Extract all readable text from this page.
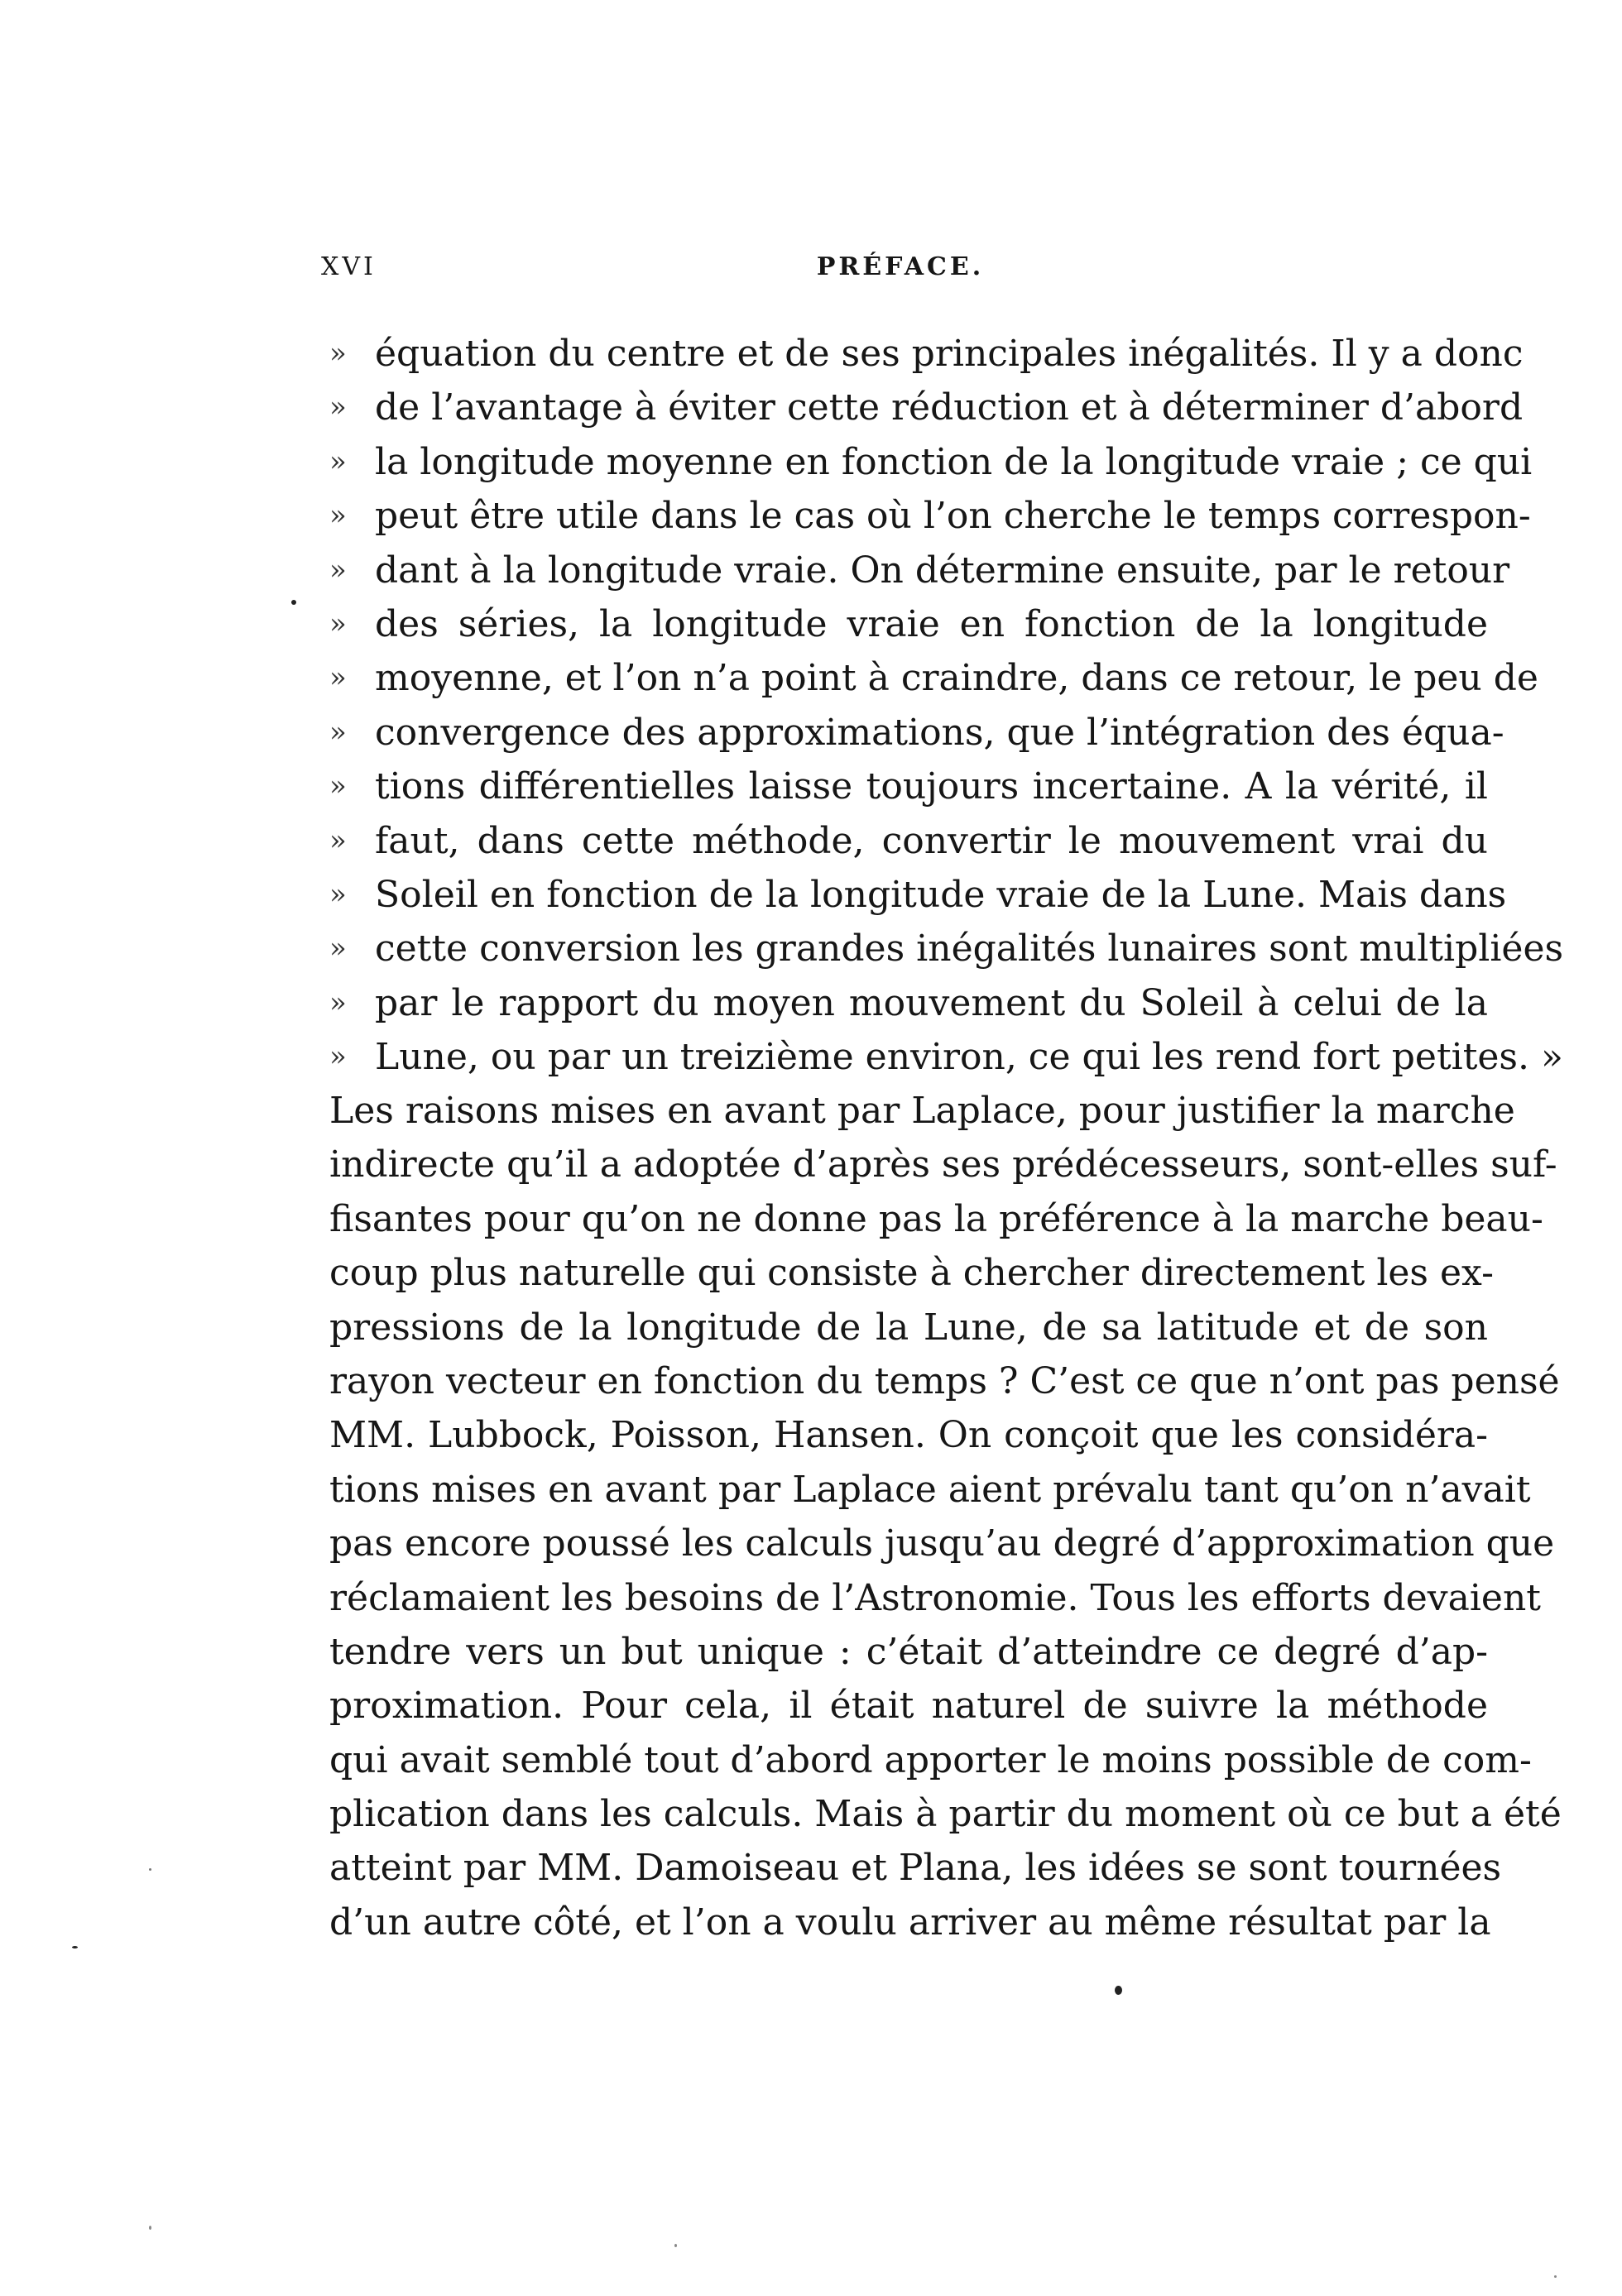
XVI	PRÉFACE.
» équation du centre et de ses principales inégalités. Il y a donc
» de l’avantage à éviter cette réduction et à déterminer d’abord
» la longitude moyenne en fonction de la longitude vraie ; ce qui
» peut être utile dans le cas où l’on cherche le temps correspon-
» dant à la longitude vraie. On détermine ensuite, par le retour
» des séries, la longitude vraie en fonction de la longitude
» moyenne, et l’on n’a point à craindre, dans ce retour, le peu de
» convergence des approximations, que l’intégration des équa-
» tions différentielles laisse toujours incertaine. A la vérité, il
» faut, dans cette méthode, convertir le mouvement vrai du
» Soleil en fonction de la longitude vraie de la Lune. Mais dans
» cette conversion les grandes inégalités lunaires sont multipliées
» par le rapport du moyen mouvement du Soleil à celui de la
» Lune, ou par un treizième environ, ce qui les rend fort petites. »
Les raisons mises en avant par Laplace, pour justifier la marche
indirecte qu’il a adoptée d’après ses prédécesseurs, sont-elles suf-
fisantes pour qu’on ne donne pas la préférence à la marche beau-
coup plus naturelle qui consiste à chercher directement les ex-
pressions de la longitude de la Lune, de sa latitude et de son
rayon vecteur en fonction du temps ? C’est ce que n’ont pas pensé
MM. Lubbock, Poisson, Hansen. On conçoit que les considéra-
tions mises en avant par Laplace aient prévalu tant qu’on n’avait
pas encore poussé les calculs jusqu’au degré d’approximation que
réclamaient les besoins de l’Astronomie. Tous les efforts devaient
tendre vers un but unique : c’était d’atteindre ce degré d’ap-
proximation. Pour cela, il était naturel de suivre la méthode
qui avait semblé tout d’abord apporter le moins possible de com-
plication dans les calculs. Mais à partir du moment où ce but a été
atteint par MM. Damoiseau et Plana, les idées se sont tournées
d’un autre côté, et l’on a voulu arriver au même résultat par la
